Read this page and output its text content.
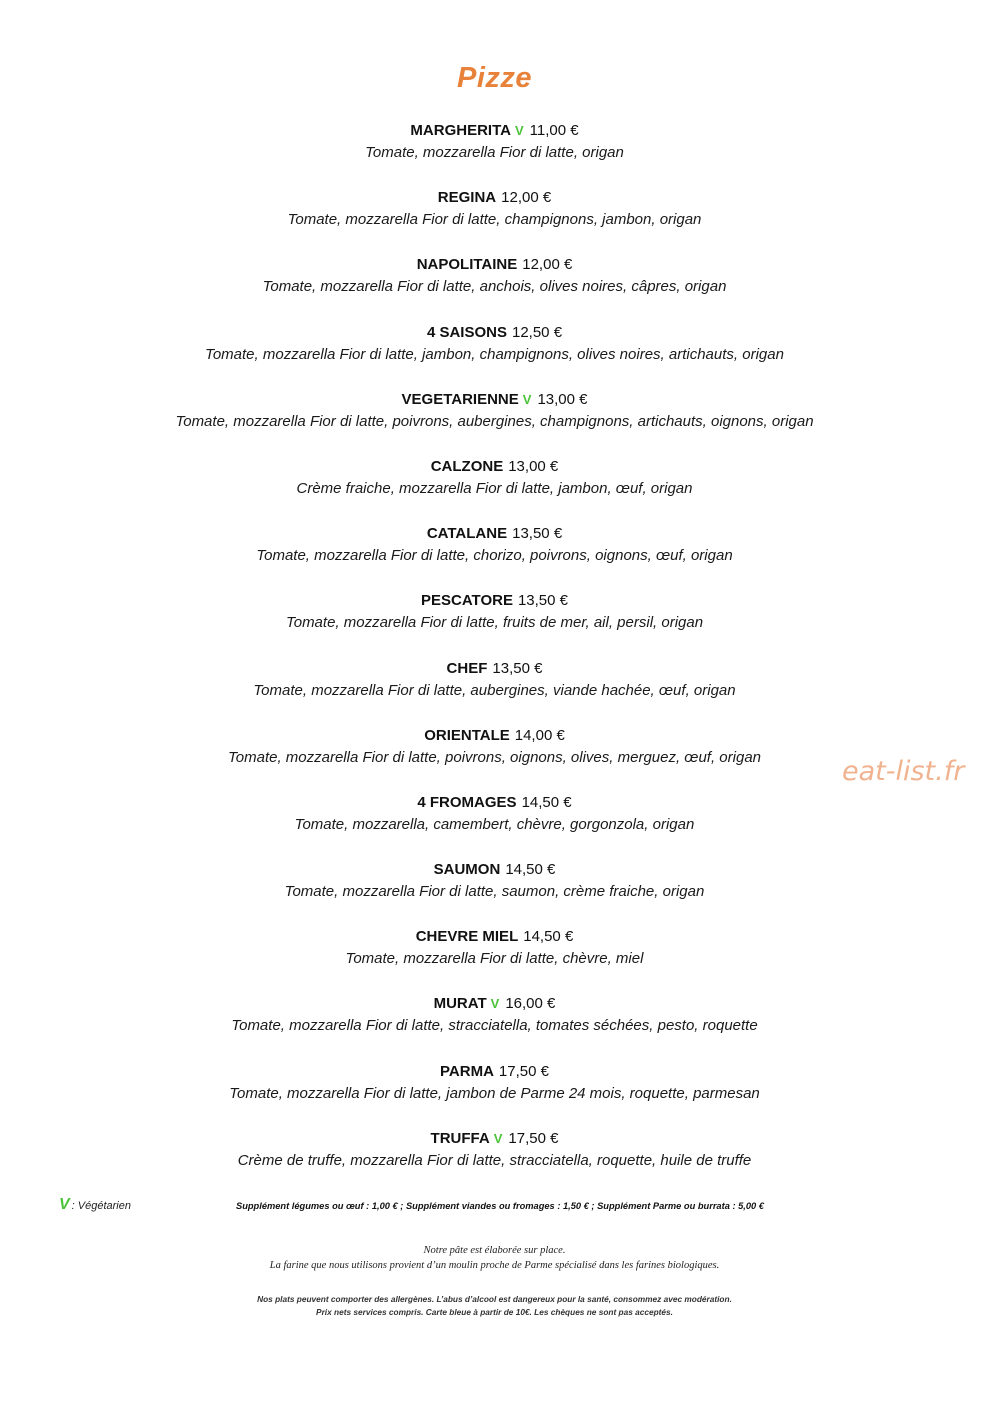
Pizze
MARGHERITA V 11,00 €
Tomate, mozzarella Fior di latte, origan
REGINA 12,00 €
Tomate, mozzarella Fior di latte, champignons, jambon, origan
NAPOLITAINE 12,00 €
Tomate, mozzarella Fior di latte, anchois, olives noires, câpres, origan
4 SAISONS 12,50 €
Tomate, mozzarella Fior di latte, jambon, champignons, olives noires, artichauts, origan
VEGETARIENNE V 13,00 €
Tomate, mozzarella Fior di latte, poivrons, aubergines, champignons, artichauts, oignons, origan
CALZONE 13,00 €
Crème fraiche, mozzarella Fior di latte, jambon, œuf, origan
CATALANE 13,50 €
Tomate, mozzarella Fior di latte, chorizo, poivrons, oignons, œuf, origan
PESCATORE 13,50 €
Tomate, mozzarella Fior di latte, fruits de mer, ail, persil, origan
CHEF 13,50 €
Tomate, mozzarella Fior di latte, aubergines, viande hachée, œuf, origan
ORIENTALE 14,00 €
Tomate, mozzarella Fior di latte, poivrons, oignons, olives, merguez, œuf, origan
4 FROMAGES 14,50 €
Tomate, mozzarella, camembert, chèvre, gorgonzola, origan
SAUMON 14,50 €
Tomate, mozzarella Fior di latte, saumon, crème fraiche, origan
CHEVRE MIEL 14,50 €
Tomate, mozzarella Fior di latte, chèvre, miel
MURAT V 16,00 €
Tomate, mozzarella Fior di latte, stracciatella, tomates séchées, pesto, roquette
PARMA 17,50 €
Tomate, mozzarella Fior di latte, jambon de Parme 24 mois, roquette, parmesan
TRUFFA V 17,50 €
Crème de truffe, mozzarella Fior di latte, stracciatella, roquette, huile de truffe
eat-list.fr
V : Végétarien	Supplément légumes ou œuf : 1,00 € ; Supplément viandes ou fromages : 1,50 € ; Supplément Parme ou burrata : 5,00 €
Notre pâte est élaborée sur place.
La farine que nous utilisons provient d’un moulin proche de Parme spécialisé dans les farines biologiques.
Nos plats peuvent comporter des allergènes. L’abus d’alcool est dangereux pour la santé, consommez avec modération.
Prix nets services compris. Carte bleue à partir de 10€. Les chèques ne sont pas acceptés.
